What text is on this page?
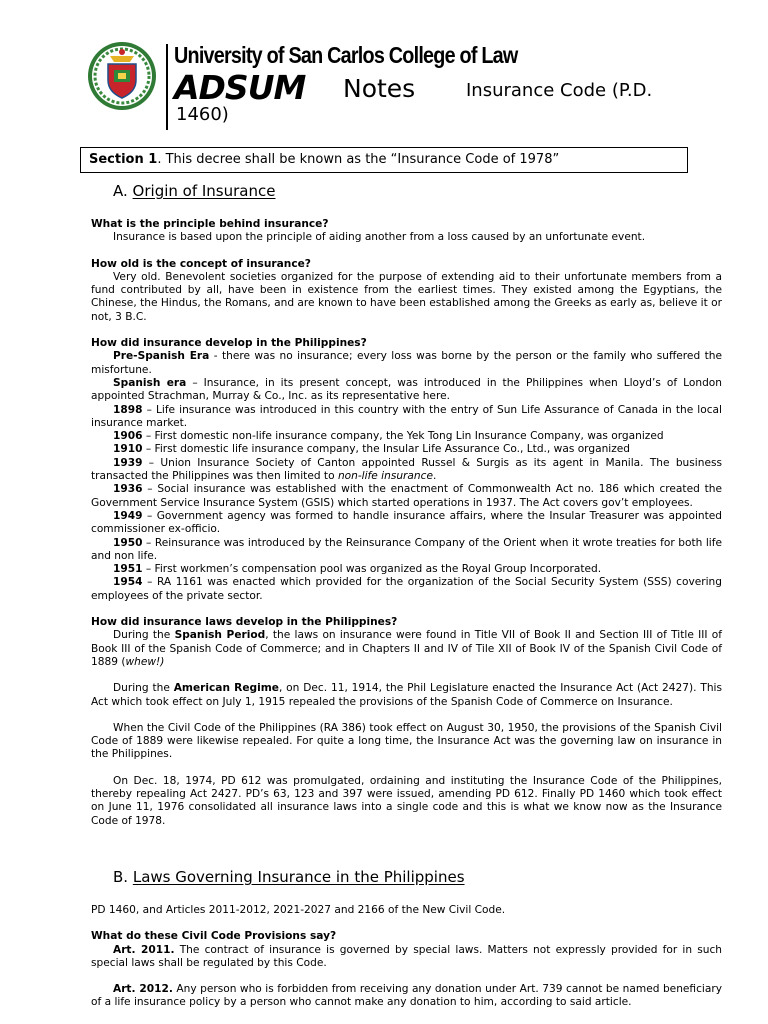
University of San Carlos College of Law
ADSUM Notes	Insurance Code (P.D.
1460)
Section 1. This decree shall be known as the “Insurance Code of 1978”
A. Origin of Insurance

What is the principle behind insurance?

Insurance is based upon the principle of aiding another from a loss caused by an unfortunate event.

How old is the concept of insurance?

Very old. Benevolent societies organized for the purpose of extending aid to their unfortunate members from a fund contributed by all, have been in existence from the earliest times. They existed among the Egyptians, the Chinese, the Hindus, the Romans, and are known to have been established among the Greeks as early as, believe it or not, 3 B.C.

How did insurance develop in the Philippines?

Pre-Spanish Era - there was no insurance; every loss was borne by the person or the family who suffered the misfortune.

Spanish era – Insurance, in its present concept, was introduced in the Philippines when Lloyd’s of London appointed Strachman, Murray & Co., Inc. as its representative here.

1898 – Life insurance was introduced in this country with the entry of Sun Life Assurance of Canada in the local insurance market.

1906 – First domestic non-life insurance company, the Yek Tong Lin Insurance Company, was organized

1910 – First domestic life insurance company, the Insular Life Assurance Co., Ltd., was organized

1939 – Union Insurance Society of Canton appointed Russel & Surgis as its agent in Manila. The business transacted the Philippines was then limited to non-life insurance.

1936 – Social insurance was established with the enactment of Commonwealth Act no. 186 which created the Government Service Insurance System (GSIS) which started operations in 1937. The Act covers gov’t employees.

1949 – Government agency was formed to handle insurance affairs, where the Insular Treasurer was appointed commissioner ex-officio.

1950 – Reinsurance was introduced by the Reinsurance Company of the Orient when it wrote treaties for both life and non life.

1951 – First workmen’s compensation pool was organized as the Royal Group Incorporated.

1954 – RA 1161 was enacted which provided for the organization of the Social Security System (SSS) covering employees of the private sector.

How did insurance laws develop in the Philippines?

During the Spanish Period, the laws on insurance were found in Title VII of Book II and Section III of Title III of Book III of the Spanish Code of Commerce; and in Chapters II and IV of Tile XII of Book IV of the Spanish Civil Code of 1889 (whew!)

During the American Regime, on Dec. 11, 1914, the Phil Legislature enacted the Insurance Act (Act 2427). This Act which took effect on July 1, 1915 repealed the provisions of the Spanish Code of Commerce on Insurance.

When the Civil Code of the Philippines (RA 386) took effect on August 30, 1950, the provisions of the Spanish Civil Code of 1889 were likewise repealed. For quite a long time, the Insurance Act was the governing law on insurance in the Philippines.

On Dec. 18, 1974, PD 612 was promulgated, ordaining and instituting the Insurance Code of the Philippines, thereby repealing Act 2427. PD’s 63, 123 and 397 were issued, amending PD 612. Finally PD 1460 which took effect on June 11, 1976 consolidated all insurance laws into a single code and this is what we know now as the Insurance Code of 1978.

B. Laws Governing Insurance in the Philippines

PD 1460, and Articles 2011-2012, 2021-2027 and 2166 of the New Civil Code.

What do these Civil Code Provisions say?

Art. 2011. The contract of insurance is governed by special laws. Matters not expressly provided for in such special laws shall be regulated by this Code.

Art. 2012. Any person who is forbidden from receiving any donation under Art. 739 cannot be named beneficiary of a life insurance policy by a person who cannot make any donation to him, according to said article.
